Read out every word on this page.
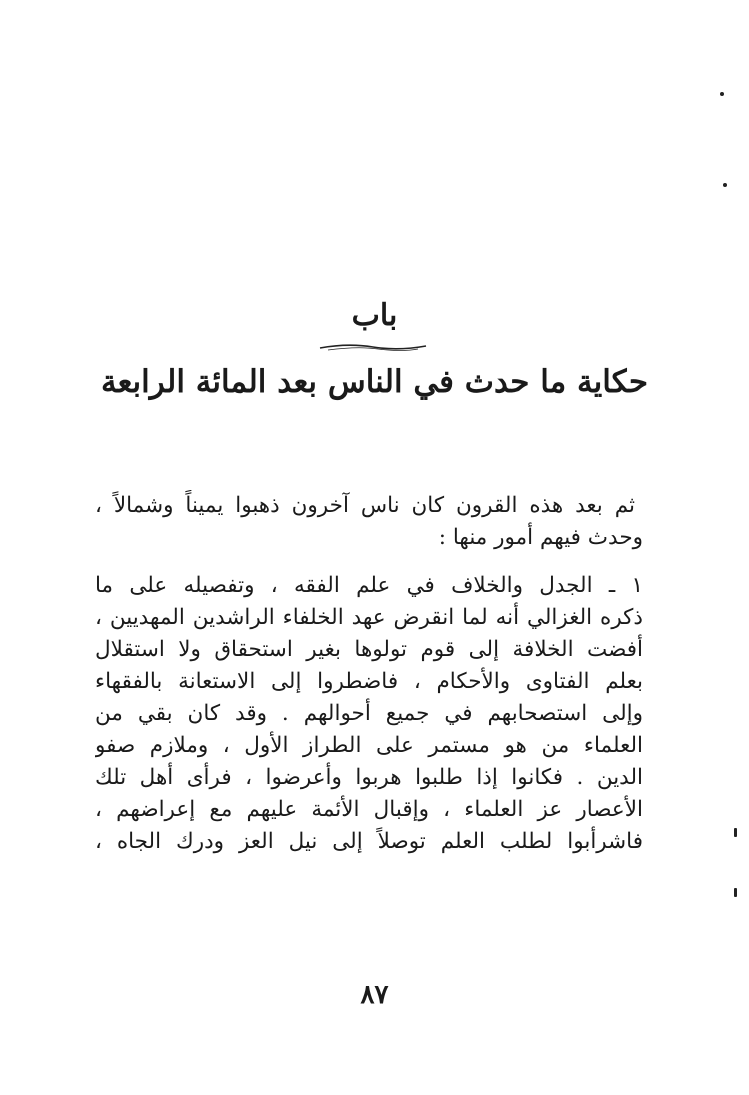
باب
حكاية ما حدث في الناس بعد المائة الرابعة

ثم بعد هذه القرون كان ناس آخرون ذهبوا يميناً وشمالاً ،
وحدث فيهم أمور منها :

١ ـ الجدل والخلاف في علم الفقه ، وتفصيله على ما
ذكره الغزالي أنه لما انقرض عهد الخلفاء الراشدين المهديين ،
أفضت الخلافة إلى قوم تولوها بغير استحقاق ولا استقلال
بعلم الفتاوى والأحكام ، فاضطروا إلى الاستعانة بالفقهاء
وإلى استصحابهم في جميع أحوالهم . وقد كان بقي من
العلماء من هو مستمر على الطراز الأول ، وملازم صفو
الدين . فكانوا إذا طلبوا هربوا وأعرضوا ، فرأى أهل تلك
الأعصار عز العلماء ، وإقبال الأئمة عليهم مع إعراضهم ،
فاشرأبوا لطلب العلم توصلاً إلى نيل العز ودرك الجاه ،

٨٧
